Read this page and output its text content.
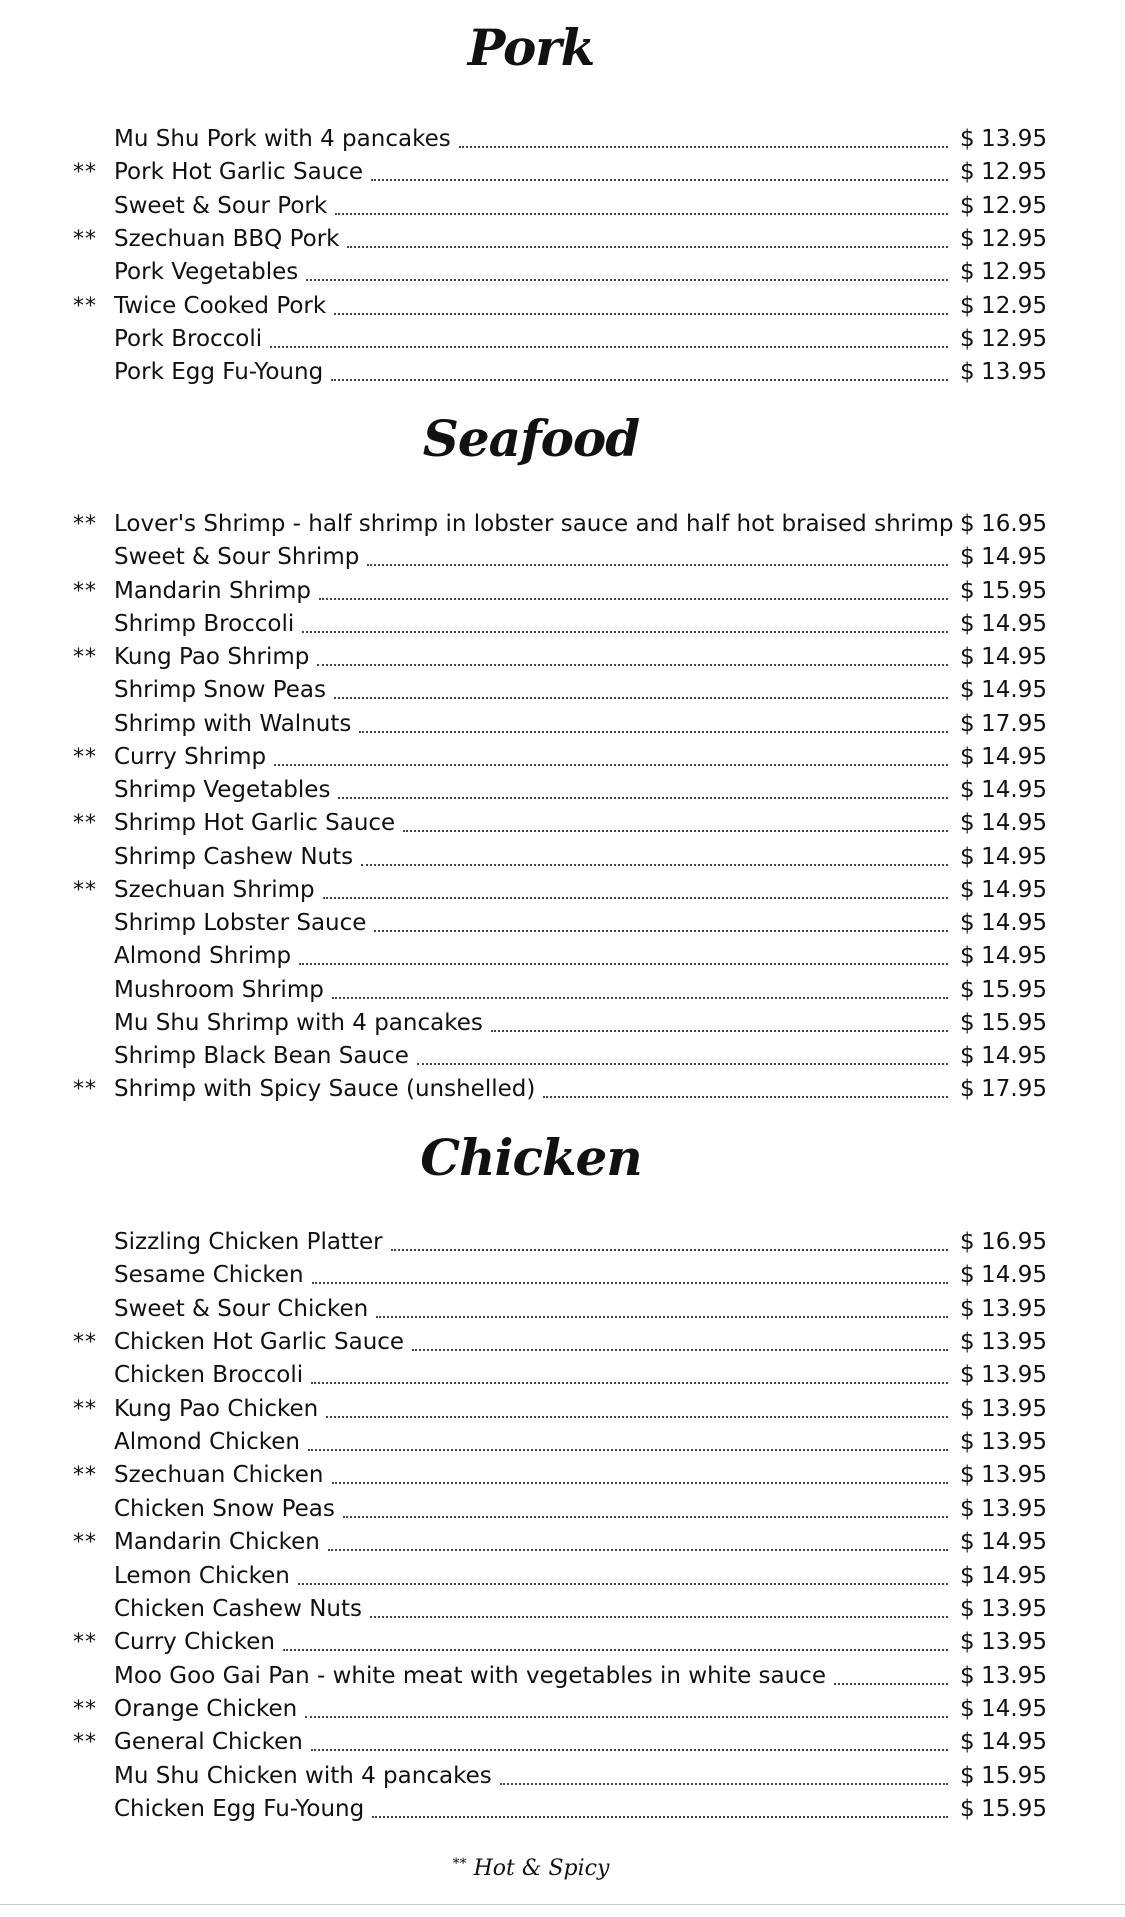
Pork
Mu Shu Pork with 4 pancakes	$ 13.95
** Pork Hot Garlic Sauce	$ 12.95
Sweet & Sour Pork	$ 12.95
** Szechuan BBQ Pork	$ 12.95
Pork Vegetables	$ 12.95
** Twice Cooked Pork	$ 12.95
Pork Broccoli	$ 12.95
Pork Egg Fu-Young	$ 13.95
Seafood
** Lover's Shrimp - half shrimp in lobster sauce and half hot braised shrimp $ 16.95
Sweet & Sour Shrimp	$ 14.95
** Mandarin Shrimp	$ 15.95
Shrimp Broccoli	$ 14.95
** Kung Pao Shrimp	$ 14.95
Shrimp Snow Peas	$ 14.95
Shrimp with Walnuts	$ 17.95
** Curry Shrimp	$ 14.95
Shrimp Vegetables	$ 14.95
** Shrimp Hot Garlic Sauce	$ 14.95
Shrimp Cashew Nuts	$ 14.95
** Szechuan Shrimp	$ 14.95
Shrimp Lobster Sauce	$ 14.95
Almond Shrimp	$ 14.95
Mushroom Shrimp	$ 15.95
Mu Shu Shrimp with 4 pancakes	$ 15.95
Shrimp Black Bean Sauce	$ 14.95
** Shrimp with Spicy Sauce (unshelled)	$ 17.95
Chicken
Sizzling Chicken Platter	$ 16.95
Sesame Chicken	$ 14.95
Sweet & Sour Chicken	$ 13.95
** Chicken Hot Garlic Sauce	$ 13.95
Chicken Broccoli	$ 13.95
** Kung Pao Chicken	$ 13.95
Almond Chicken	$ 13.95
** Szechuan Chicken	$ 13.95
Chicken Snow Peas	$ 13.95
** Mandarin Chicken	$ 14.95
Lemon Chicken	$ 14.95
Chicken Cashew Nuts	$ 13.95
** Curry Chicken	$ 13.95
Moo Goo Gai Pan - white meat with vegetables in white sauce	$ 13.95
** Orange Chicken	$ 14.95
** General Chicken	$ 14.95
Mu Shu Chicken with 4 pancakes	$ 15.95
Chicken Egg Fu-Young	$ 15.95
** Hot & Spicy
